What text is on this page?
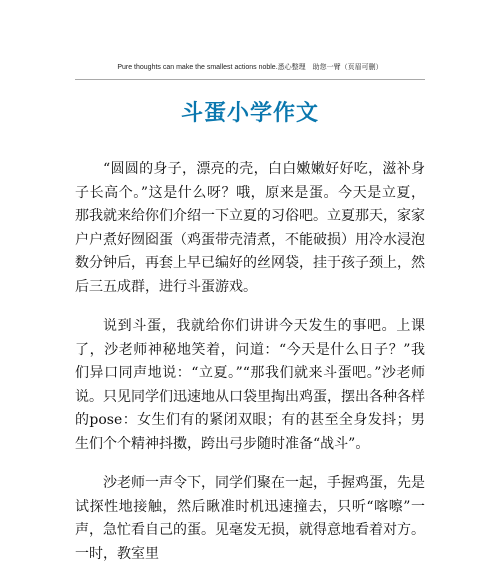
Pure thoughts can make the smallest actions noble.悉心整理　助您一臂（页眉可删）
斗蛋小学作文

“圆圆的身子，漂亮的壳，白白嫩嫩好好吃，滋补身子长高个。”这是什么呀？哦，原来是蛋。今天是立夏，那我就来给你们介绍一下立夏的习俗吧。立夏那天，家家户户煮好囫囵蛋（鸡蛋带壳清煮，不能破损）用冷水浸泡数分钟后，再套上早已编好的丝网袋，挂于孩子颈上，然后三五成群，进行斗蛋游戏。

说到斗蛋，我就给你们讲讲今天发生的事吧。上课了，沙老师神秘地笑着，问道：“今天是什么日子？”我们异口同声地说：“立夏。”“那我们就来斗蛋吧。”沙老师说。只见同学们迅速地从口袋里掏出鸡蛋，摆出各种各样的pose：女生们有的紧闭双眼；有的甚至全身发抖；男生们个个精神抖擞，跨出弓步随时准备“战斗”。

沙老师一声令下，同学们聚在一起，手握鸡蛋，先是试探性地接触，然后瞅准时机迅速撞去，只听“喀嚓”一声，急忙看自己的蛋。见毫发无损，就得意地看着对方。一时，教室里
